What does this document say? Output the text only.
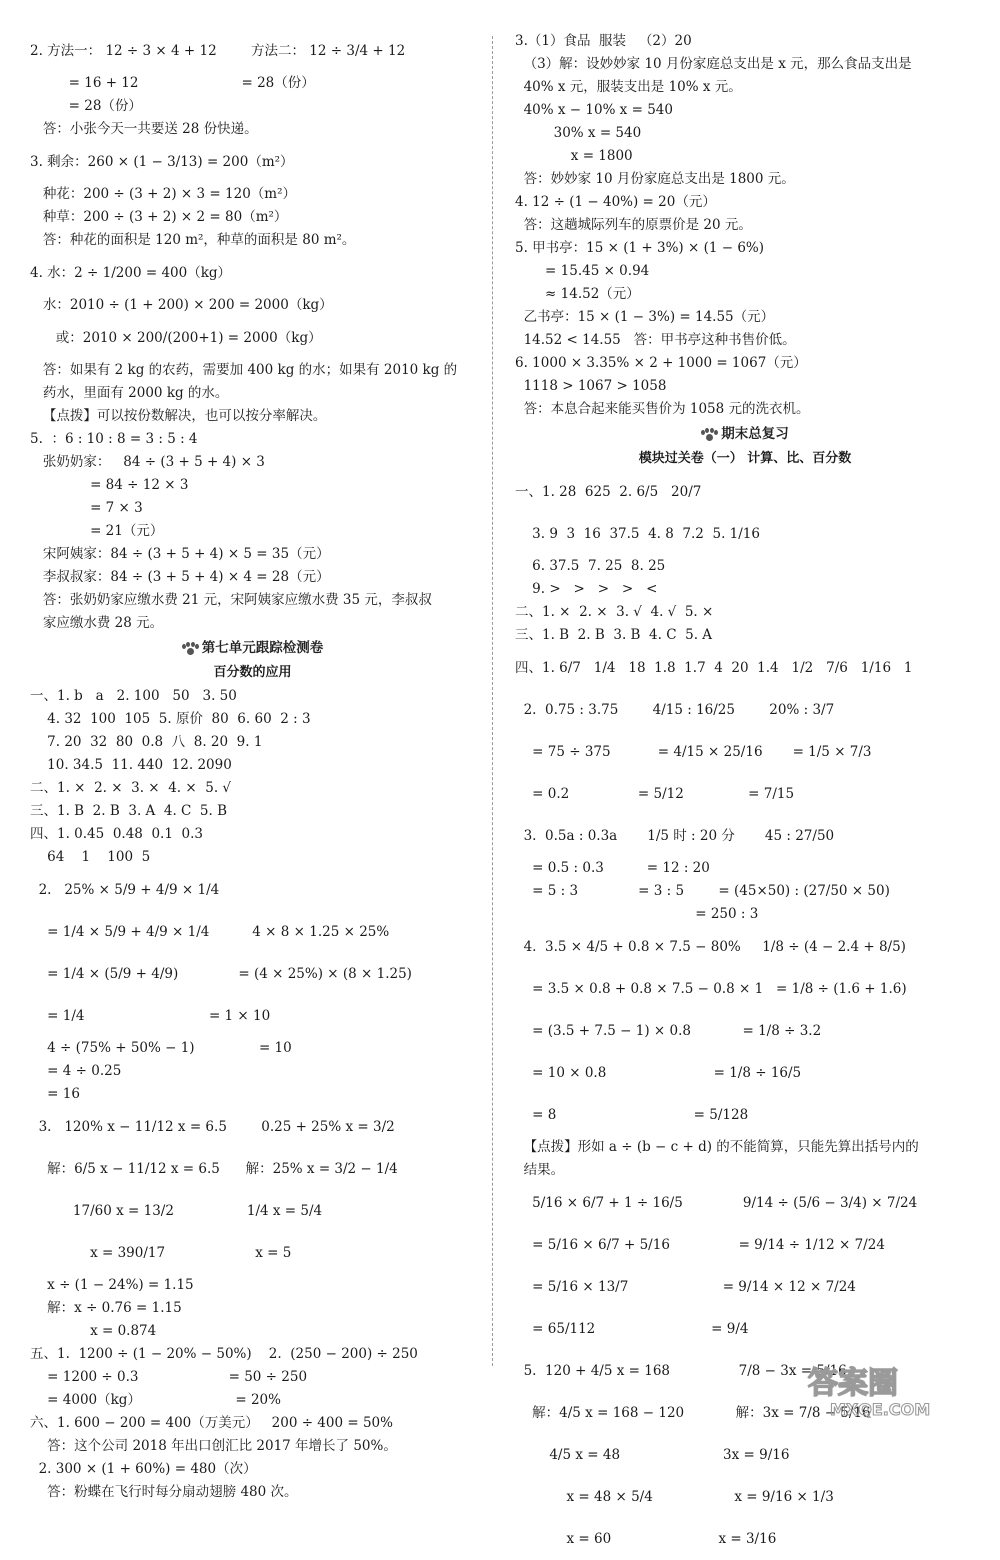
2. 方法一： 12 ÷ 3 × 4 + 12        方法二： 12 ÷ 3/4 + 12
= 16 + 12                        = 28（份）
= 28（份）
答：小张今天一共要送 28 份快递。
3. 剩余：260 × (1 − 3/13) = 200（m²）
种花：200 ÷ (3 + 2) × 3 = 120（m²）
种草：200 ÷ (3 + 2) × 2 = 80（m²）
答：种花的面积是 120 m²，种草的面积是 80 m²。
4. 水：2 ÷ 1/200 = 400（kg）
水：2010 ÷ (1 + 200) × 200 = 2000（kg）
或：2010 × 200/(200+1) = 2000（kg）
答：如果有 2 kg 的农药，需要加 400 kg 的水；如果有 2010 kg 的
药水，里面有 2000 kg 的水。
【点拨】可以按份数解决，也可以按分率解决。
5.  ：6 : 10 : 8 = 3 : 5 : 4
张奶奶家：   84 ÷ (3 + 5 + 4) × 3
= 84 ÷ 12 × 3
= 7 × 3
= 21（元）
宋阿姨家：84 ÷ (3 + 5 + 4) × 5 = 35（元）
李叔叔家：84 ÷ (3 + 5 + 4) × 4 = 28（元）
答：张奶奶家应缴水费 21 元，宋阿姨家应缴水费 35 元，李叔叔
家应缴水费 28 元。
第七单元跟踪检测卷
百分数的应用
一、1. b   a   2. 100   50   3. 50
4. 32  100  105  5. 原价  80  6. 60  2 : 3
7. 20  32  80  0.8  八  8. 20  9. 1
10. 34.5  11. 440  12. 2090
二、1. ×  2. ×  3. ×  4. ×  5. √
三、1. B  2. B  3. A  4. C  5. B
四、1. 0.45  0.48  0.1  0.3
64    1    100  5
2.   25% × 5/9 + 4/9 × 1/4
= 1/4 × 5/9 + 4/9 × 1/4          4 × 8 × 1.25 × 25%
= 1/4 × (5/9 + 4/9)              = (4 × 25%) × (8 × 1.25)
= 1/4                             = 1 × 10
4 ÷ (75% + 50% − 1)               = 10
= 4 ÷ 0.25
= 16
3.   120% x − 11/12 x = 6.5        0.25 + 25% x = 3/2
解：6/5 x − 11/12 x = 6.5      解：25% x = 3/2 − 1/4
17/60 x = 13/2                 1/4 x = 5/4
x = 390/17                     x = 5
x ÷ (1 − 24%) = 1.15
解：x ÷ 0.76 = 1.15
x = 0.874
五、1.  1200 ÷ (1 − 20% − 50%)    2.  (250 − 200) ÷ 250
= 1200 ÷ 0.3                     = 50 ÷ 250
= 4000（kg）                      = 20%
六、1. 600 − 200 = 400（万美元）   200 ÷ 400 = 50%
答：这个公司 2018 年出口创汇比 2017 年增长了 50%。
2. 300 × (1 + 60%) = 480（次）
答：粉蝶在飞行时每分扇动翅膀 480 次。
3.（1）食品  服装   （2）20
（3）解：设妙妙家 10 月份家庭总支出是 x 元，那么食品支出是
40% x 元，服装支出是 10% x 元。
40% x − 10% x = 540
30% x = 540
x = 1800
答：妙妙家 10 月份家庭总支出是 1800 元。
4. 12 ÷ (1 − 40%) = 20（元）
答：这趟城际列车的原票价是 20 元。
5. 甲书亭：15 × (1 + 3%) × (1 − 6%)
= 15.45 × 0.94
≈ 14.52（元）
乙书亭：15 × (1 − 3%) = 14.55（元）
14.52 < 14.55   答：甲书亭这种书售价低。
6. 1000 × 3.35% × 2 + 1000 = 1067（元）
1118 > 1067 > 1058
答：本息合起来能买售价为 1058 元的洗衣机。
期末总复习
模块过关卷（一） 计算、比、百分数
一、1. 28  625  2. 6/5   20/7
3. 9  3  16  37.5  4. 8  7.2  5. 1/16
6. 37.5  7. 25  8. 25
9. >   >   >   >   <
二、1. ×  2. ×  3. √  4. √  5. ×
三、1. B  2. B  3. B  4. C  5. A
四、1. 6/7   1/4   18  1.8  1.7  4  20  1.4   1/2   7/6   1/16   1
2.  0.75 : 3.75        4/15 : 16/25        20% : 3/7
= 75 ÷ 375           = 4/15 × 25/16       = 1/5 × 7/3
= 0.2                = 5/12               = 7/15
3.  0.5a : 0.3a       1/5 时 : 20 分       45 : 27/50
= 0.5 : 0.3          = 12 : 20
= 5 : 3              = 3 : 5        = (45×50) : (27/50 × 50)
= 250 : 3
4.  3.5 × 4/5 + 0.8 × 7.5 − 80%     1/8 ÷ (4 − 2.4 + 8/5)
= 3.5 × 0.8 + 0.8 × 7.5 − 0.8 × 1   = 1/8 ÷ (1.6 + 1.6)
= (3.5 + 7.5 − 1) × 0.8            = 1/8 ÷ 3.2
= 10 × 0.8                         = 1/8 ÷ 16/5
= 8                                = 5/128
【点拨】形如 a ÷ (b − c + d) 的不能简算，只能先算出括号内的
结果。
5/16 × 6/7 + 1 ÷ 16/5              9/14 ÷ (5/6 − 3/4) × 7/24
= 5/16 × 6/7 + 5/16                = 9/14 ÷ 1/12 × 7/24
= 5/16 × 13/7                      = 9/14 × 12 × 7/24
= 65/112                           = 9/4
5.  120 + 4/5 x = 168                7/8 − 3x = 5/16
解：4/5 x = 168 − 120            解：3x = 7/8 − 5/16
4/5 x = 48                        3x = 9/16
x = 48 × 5/4                   x = 9/16 × 1/3
x = 60                         x = 3/16
答案圈
MXQE.COM
